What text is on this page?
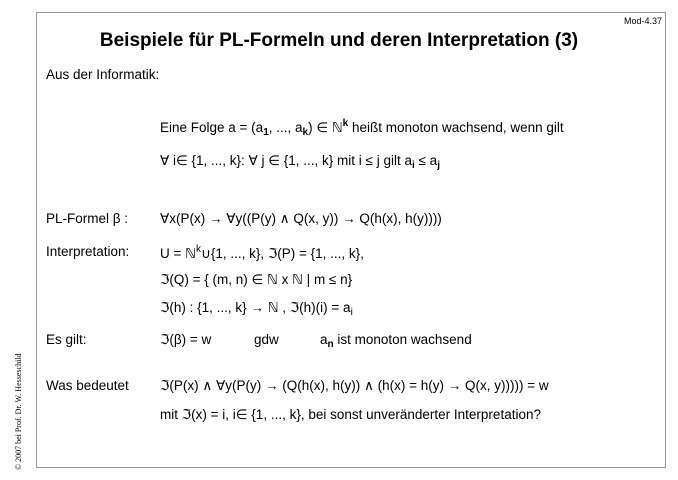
Mod-4.37
Beispiele für PL-Formeln und deren Interpretation (3)
Aus der Informatik:
Eine Folge $a = (a_1$, ..., $a_k$) ∈ ℕ$^k$ heißt monoton wachsend, wenn gilt
∀ i∈ {1, ..., k}: ∀ j ∈ {1, ..., k} mit i ≤ j gilt $a_i \le a_j$
PL-Formel β : ∀x(P(x) → ∀y((P(y) ∧ Q(x, y)) → Q(h(x), h(y))))
Interpretation: U = ℕ$^k$∪{1, ..., k}, ℑ(P) = {1, ..., k},
ℑ(Q) = { (m, n) ∈ ℕ x ℕ | m ≤ n}
ℑ(h) : {1, ..., k} → ℕ , ℑ(h)(i) = $a_i$
Es gilt:	ℑ(β) = w	gdw	$a_n$ ist monoton wachsend
Was bedeutet ℑ(P(x) ∧ ∀y(P(y) → (Q(h(x), h(y)) ∧ (h(x) = h(y) → Q(x, y))))) = w
mit ℑ(x) = i, i∈ {1, ..., k}, bei sonst unveränderter Interpretation?
© 2007 bei Prof. Dr. W. Hesseschild
